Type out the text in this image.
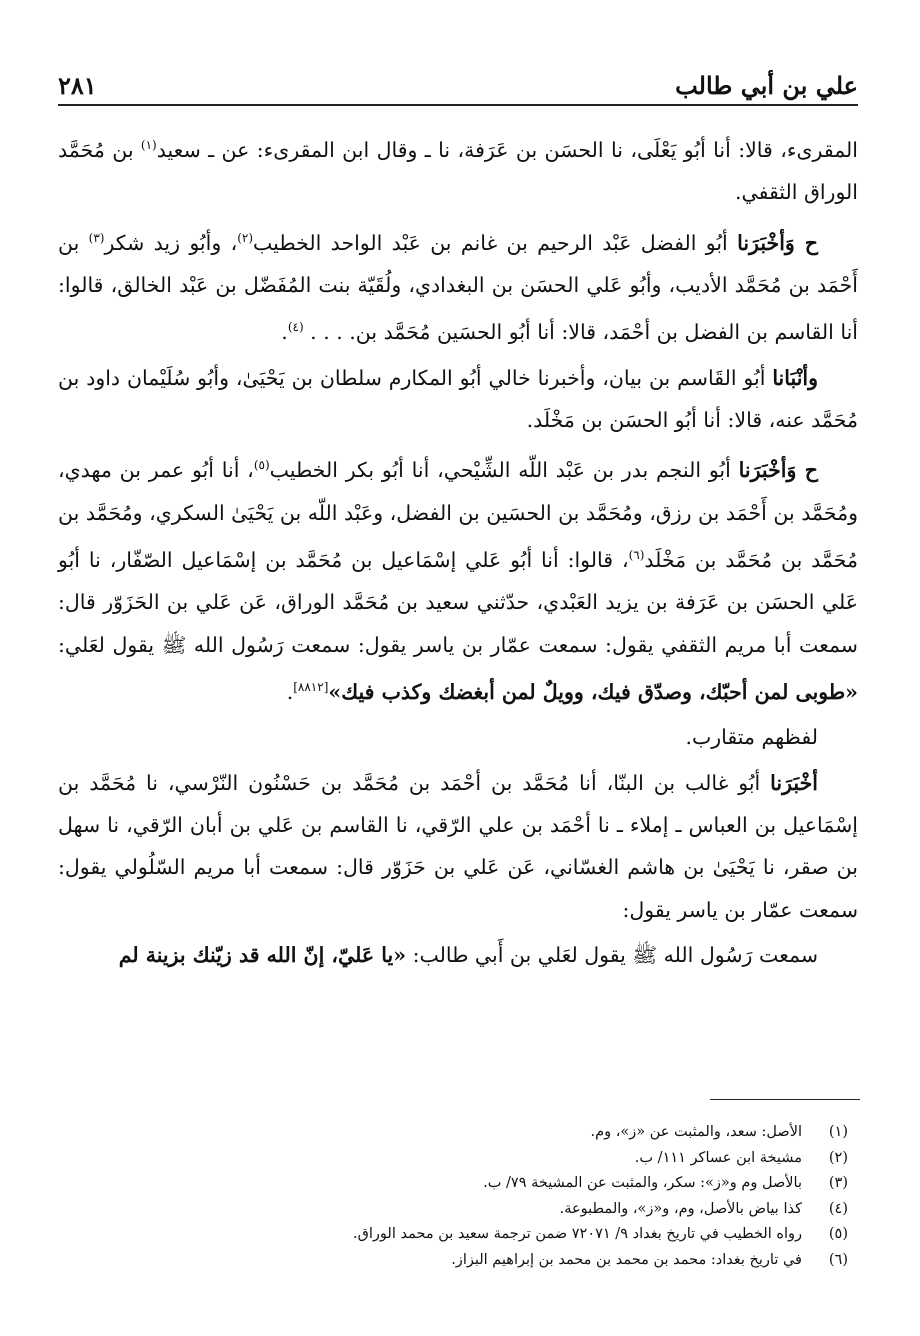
علي بن أبي طالب
٢٨١

المقرىء، قالا: أنا أبُو يَعْلَى، نا الحسَن بن عَرَفة، نا ـ وقال ابن المقرىء: عن ـ سعيد$^{(١)}$ بن مُحَمَّد الوراق الثقفي.

ح وَأخْبَرَنا أبُو الفضل عَبْد الرحيم بن غانم بن عَبْد الواحد الخطيب$^{(٢)}$، وأبُو زيد شكر$^{(٣)}$ بن أَحْمَد بن مُحَمَّد الأديب، وأبُو عَلي الحسَن بن البغدادي، ولُقَيّة بنت المُفَضّل بن عَبْد الخالق، قالوا: أنا القاسم بن الفضل بن أحْمَد، قالا: أنا أبُو الحسَين مُحَمَّد بن. . . . $^{(٤)}$.

وأنْبَانا أبُو القَاسم بن بيان، وأخبرنا خالي أبُو المكارم سلطان بن يَحْيَىٰ، وأبُو سُلَيْمان داود بن مُحَمَّد عنه، قالا: أنا أبُو الحسَن بن مَخْلَد.

ح وَأخْبَرَنا أبُو النجم بدر بن عَبْد اللّه الشِّيْحي، أنا أبُو بكر الخطيب$^{(٥)}$، أنا أبُو عمر بن مهدي، ومُحَمَّد بن أَحْمَد بن رزق، ومُحَمَّد بن الحسَين بن الفضل، وعَبْد اللّه بن يَحْيَىٰ السكري، ومُحَمَّد بن مُحَمَّد بن مُحَمَّد بن مَخْلَد$^{(٦)}$، قالوا: أنا أبُو عَلي إسْمَاعيل بن مُحَمَّد بن إسْمَاعيل الصّفّار، نا أبُو عَلي الحسَن بن عَرَفة بن يزيد العَبْدي، حدّثني سعيد بن مُحَمَّد الوراق، عَن عَلي بن الحَزَوّر قال: سمعت أبا مريم الثقفي يقول: سمعت عمّار بن ياسر يقول: سمعت رَسُول الله ﷺ يقول لعَلي: «طوبى لمن أحبّك، وصدّق فيك، وويلٌ لمن أبغضك وكذب فيك»[٨٨١٢].

لفظهم متقارب.

أخْبَرَنا أبُو غالب بن البنّا، أنا مُحَمَّد بن أحْمَد بن مُحَمَّد بن حَسْنُون النّرْسي، نا مُحَمَّد بن إسْمَاعيل بن العباس ـ إملاء ـ نا أحْمَد بن علي الرّقي، نا القاسم بن عَلي بن أبان الرّقي، نا سهل بن صقر، نا يَحْيَىٰ بن هاشم الغسّاني، عَن عَلي بن حَزَوّر قال: سمعت أبا مريم السّلُولي يقول: سمعت عمّار بن ياسر يقول:

سمعت رَسُول الله ﷺ يقول لعَلي بن أَبي طالب: «يا عَليّ، إنّ الله قد زيّنك بزينة لم

(١)
الأصل: سعد، والمثبت عن «ز»، وم.
(٢)
مشيخة ابن عساكر ١١١/ ب.
(٣)
بالأصل وم و«ز»: سكر، والمثبت عن المشيخة ٧٩/ ب.
(٤)
كذا بياض بالأصل، وم، و«ز»، والمطبوعة.
(٥)
رواه الخطيب في تاريخ بغداد ٩/ ٧٢٠٧١ ضمن ترجمة سعيد بن محمد الوراق.
(٦)
في تاريخ بغداد: محمد بن محمد بن محمد بن إبراهيم البزاز.
